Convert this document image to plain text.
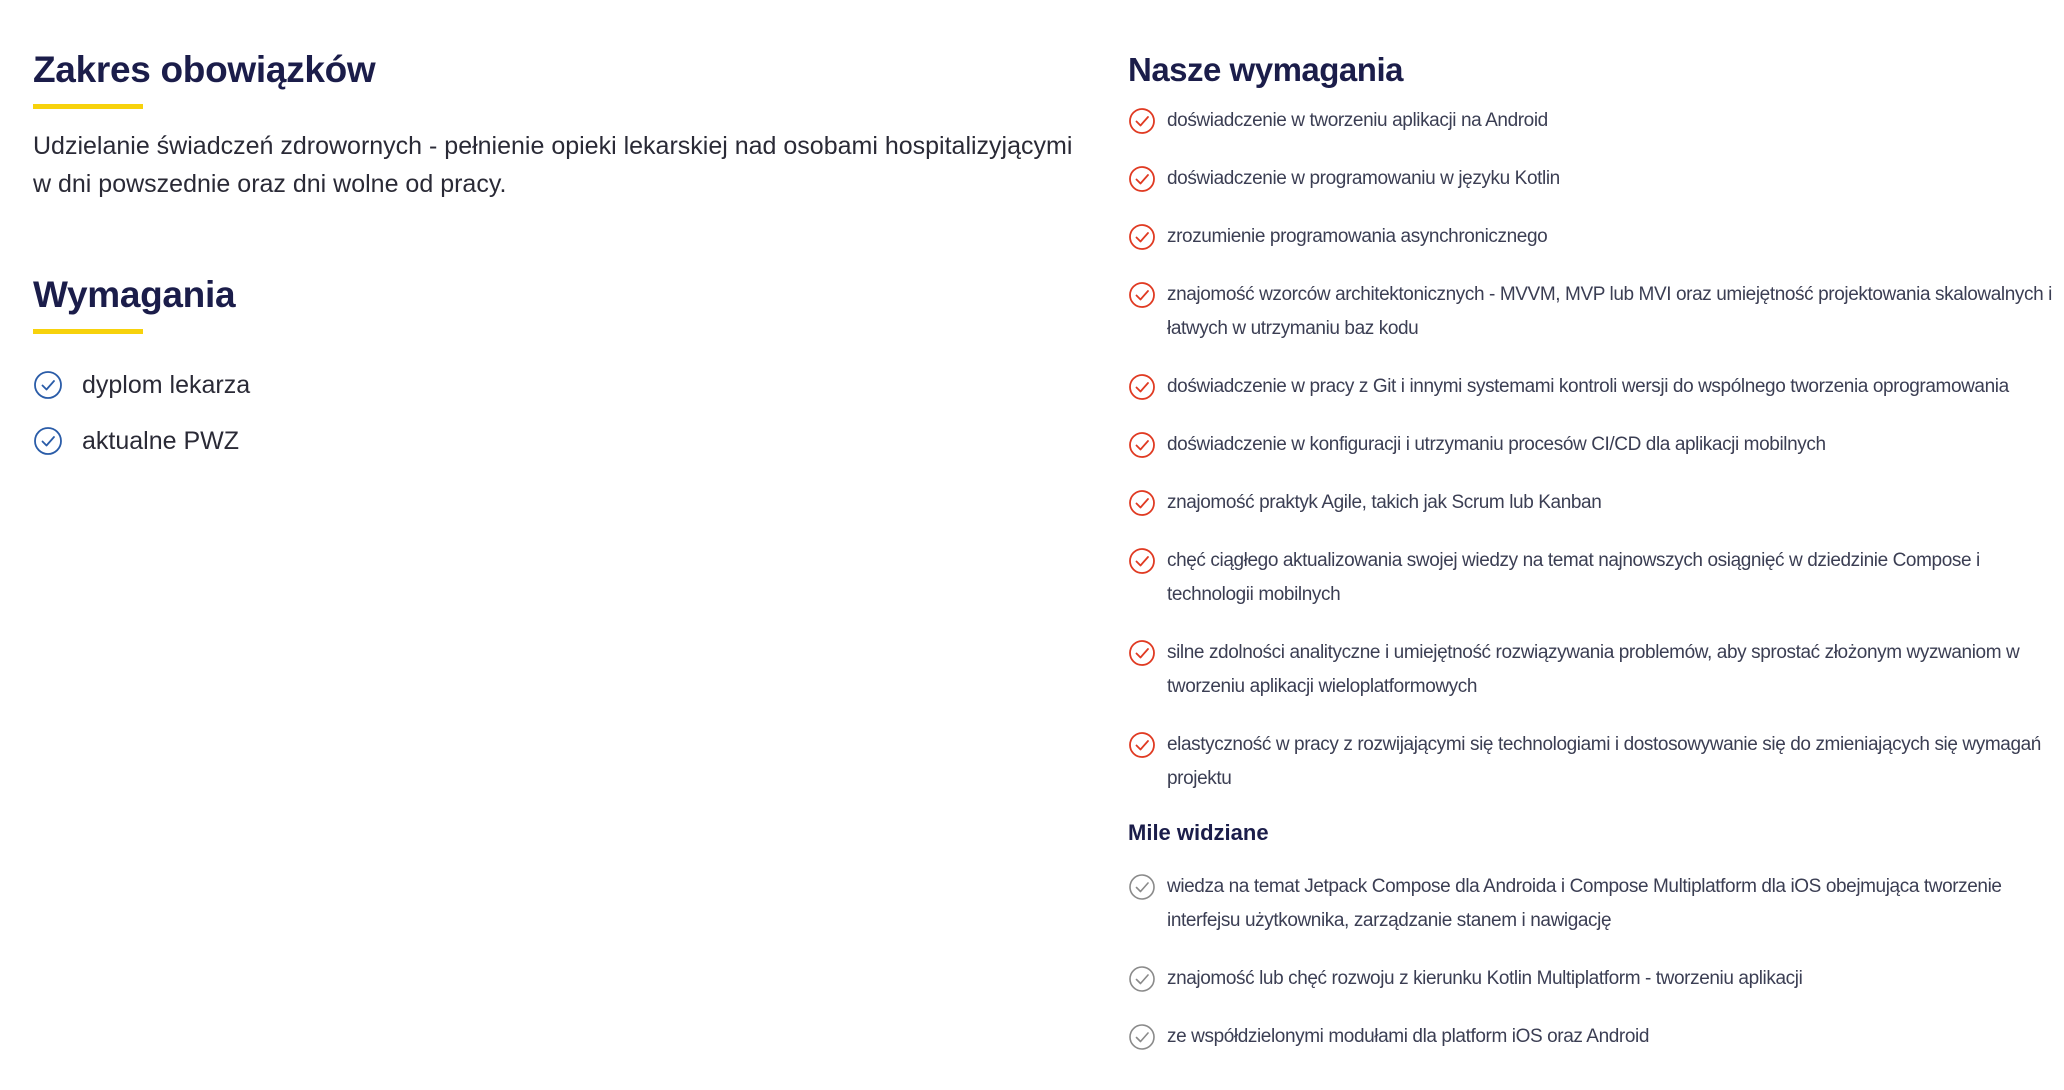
Zakres obowiązków

Udzielanie świadczeń zdrowornych - pełnienie opieki lekarskiej nad osobami hospitalizyjącymi w dni powszednie oraz dni wolne od pracy.

Wymagania
dyplom lekarza
aktualne PWZ
Nasze wymagania
doświadczenie w tworzeniu aplikacji na Android
doświadczenie w programowaniu w języku Kotlin
zrozumienie programowania asynchronicznego
znajomość wzorców architektonicznych - MVVM, MVP lub MVI oraz umiejętność projektowania skalowalnych i łatwych w utrzymaniu baz kodu
doświadczenie w pracy z Git i innymi systemami kontroli wersji do wspólnego tworzenia oprogramowania
doświadczenie w konfiguracji i utrzymaniu procesów CI/CD dla aplikacji mobilnych
znajomość praktyk Agile, takich jak Scrum lub Kanban
chęć ciągłego aktualizowania swojej wiedzy na temat najnowszych osiągnięć w dziedzinie Compose i technologii mobilnych
silne zdolności analityczne i umiejętność rozwiązywania problemów, aby sprostać złożonym wyzwaniom w tworzeniu aplikacji wieloplatformowych
elastyczność w pracy z rozwijającymi się technologiami i dostosowywanie się do zmieniających się wymagań projektu
Mile widziane
wiedza na temat Jetpack Compose dla Androida i Compose Multiplatform dla iOS obejmująca tworzenie interfejsu użytkownika, zarządzanie stanem i nawigację
znajomość lub chęć rozwoju z kierunku Kotlin Multiplatform - tworzeniu aplikacji
ze współdzielonymi modułami dla platform iOS oraz Android
